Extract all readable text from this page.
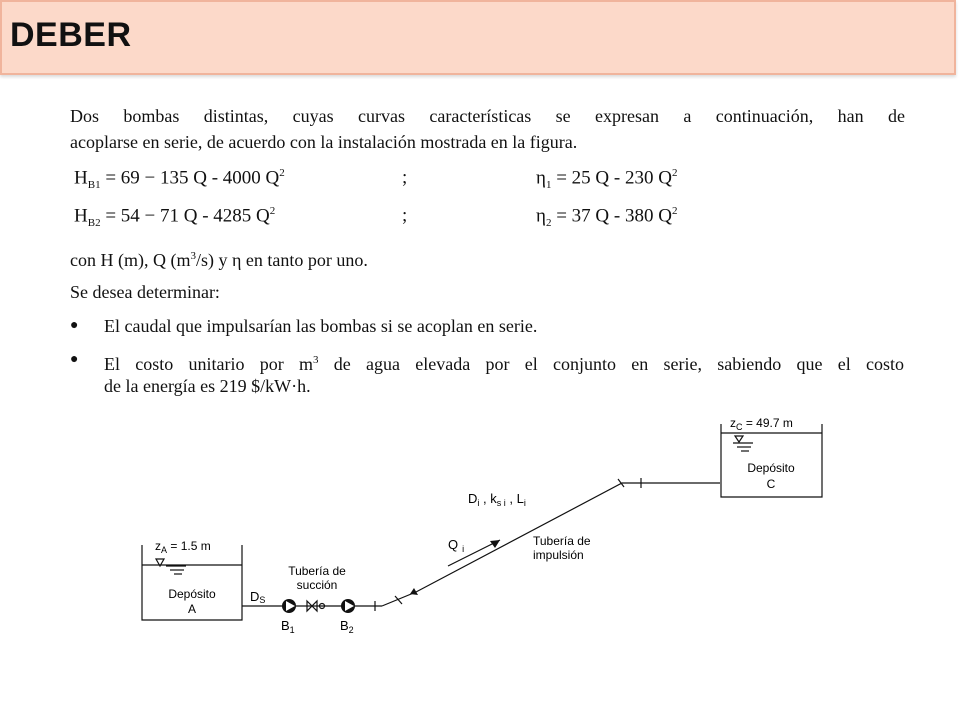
DEBER
Dos bombas distintas, cuyas curvas características se expresan a continuación, han de
acoplarse en serie, de acuerdo con la instalación mostrada en la figura.
$H_{B1} = 69 - 135$ Q - 4000 $Q^2$	;	$\eta_1 = 25$ Q - 230 $Q^2$
$H_{B2} = 54 - 71$ Q - 4285 $Q^2$	;	$\eta_2 = 37$ Q - 380 $Q^2$
con H (m), Q $(m^3/s)$ y η en tanto por uno.
Se desea determinar:
● El caudal que impulsarían las bombas si se acoplan en serie.
● El costo unitario por $m^3$ de agua elevada por el conjunto en serie, sabiendo que el costo
de la energía es 219 $/kW·h.
$z_A = 1.5$ m
Depósito
A
DS
Tubería de
succión
$B_1$	$B_2$
Q $_i$
$D_i$ , $k_{s i}$ , $L_i$
Tubería de
impulsión
$z_C = 49.7$ m
Depósito
C
